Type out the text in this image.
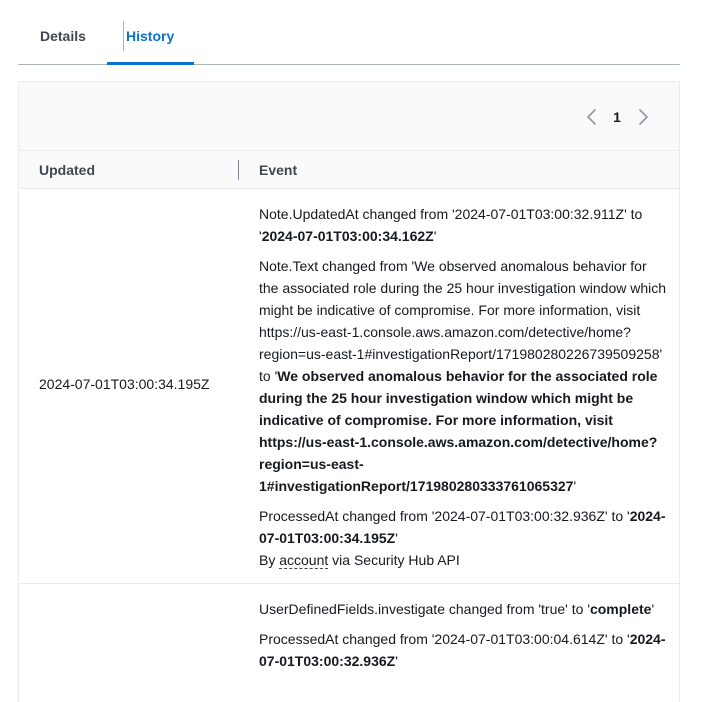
Details	History
1
Updated	Event
2024-07-01T03:00:34.195Z
Note.UpdatedAt changed from '2024-07-01T03:00:32.911Z' to '2024-07-01T03:00:34.162Z'
Note.Text changed from 'We observed anomalous behavior for the associated role during the 25 hour investigation window which might be indicative of compromise. For more information, visit https://us-east-1.console.aws.amazon.com/detective/home?region=us-east-1#investigationReport/171980280226739509258' to 'We observed anomalous behavior for the associated role during the 25 hour investigation window which might be indicative of compromise. For more information, visit https://us-east-1.console.aws.amazon.com/detective/home?region=us-east-1#investigationReport/171980280333761065327'
ProcessedAt changed from '2024-07-01T03:00:32.936Z' to '2024-07-01T03:00:34.195Z'
By account via Security Hub API
UserDefinedFields.investigate changed from 'true' to 'complete'
ProcessedAt changed from '2024-07-01T03:00:04.614Z' to '2024-07-01T03:00:32.936Z'
